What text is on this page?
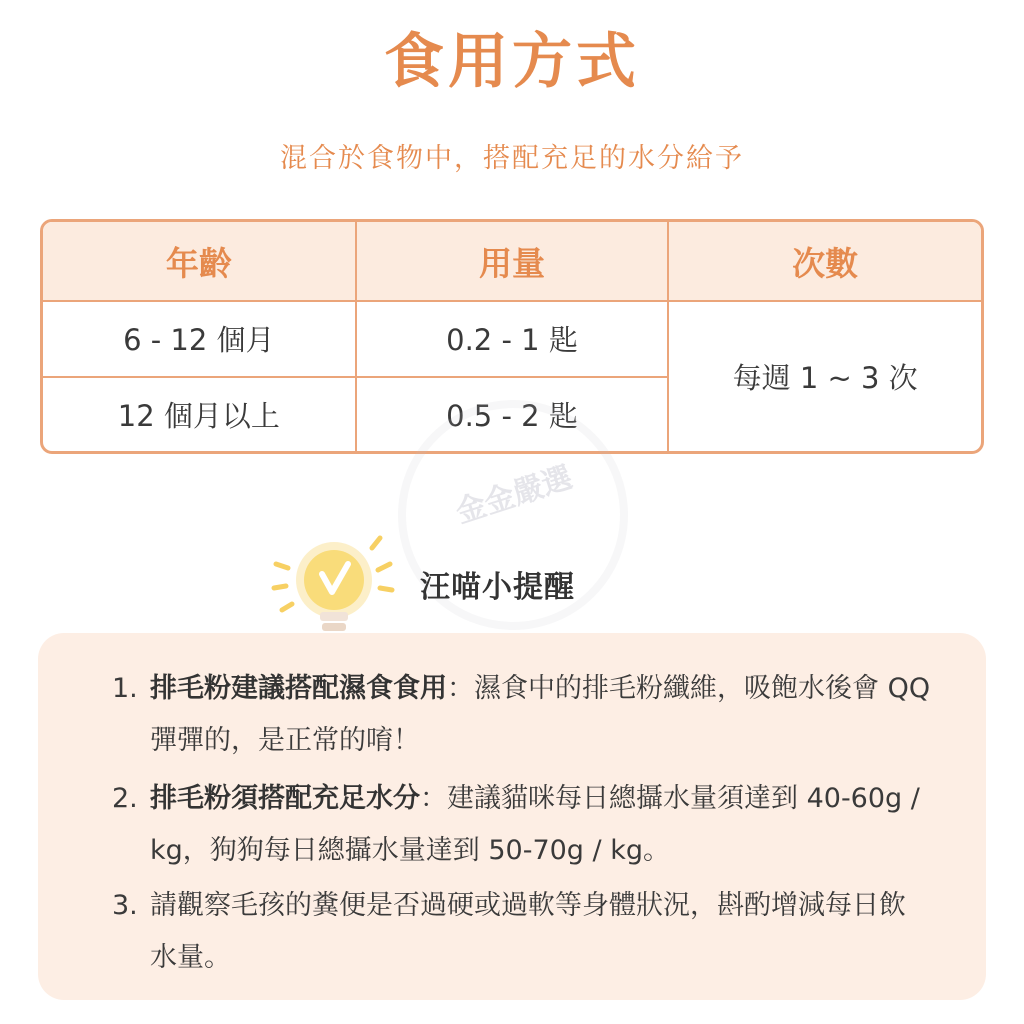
食用方式
混合於食物中，搭配充足的水分給予
年齡	用量	次數
6 - 12 個月	0.2 - 1 匙	每週 1 ~ 3 次
12 個月以上	0.5 - 2 匙	
金金嚴選
汪喵小提醒
1. 排毛粉建議搭配濕食食用：濕食中的排毛粉纖維，吸飽水後會 QQ 彈彈的，是正常的唷！
2. 排毛粉須搭配充足水分：建議貓咪每日總攝水量須達到 40-60g / kg，狗狗每日總攝水量達到 50-70g / kg。
3. 請觀察毛孩的糞便是否過硬或過軟等身體狀況，斟酌增減每日飲水量。
